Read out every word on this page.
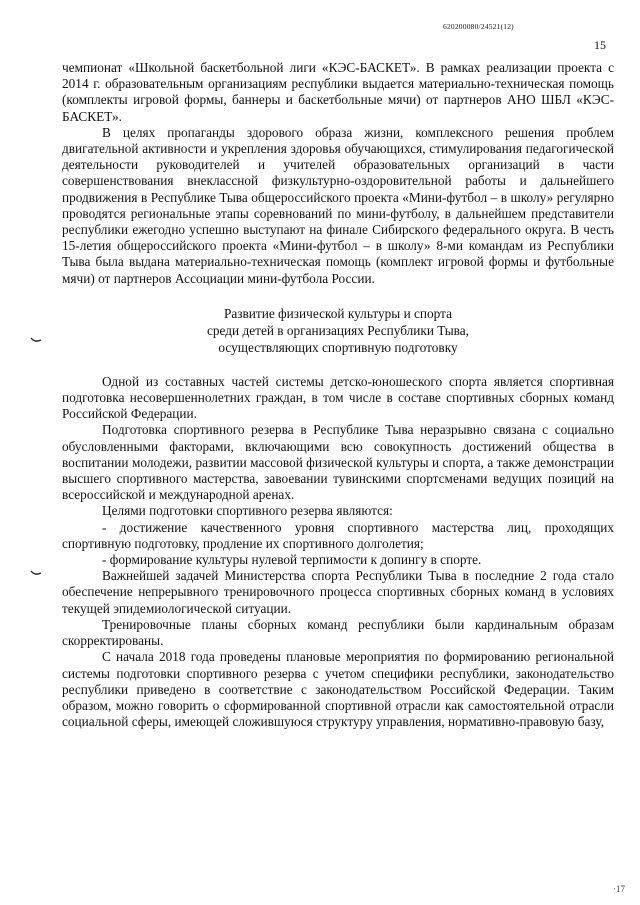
620200080/24521(12)
15

чемпионат «Школьной баскетбольной лиги «КЭС-БАСКЕТ». В рамках реализации проекта с 2014 г. образовательным организациям республики выдается материально-техническая помощь (комплекты игровой формы, баннеры и баскетбольные мячи) от партнеров АНО ШБЛ «КЭС-БАСКЕТ».

В целях пропаганды здорового образа жизни, комплексного решения проблем двигательной активности и укрепления здоровья обучающихся, стимулирования педагогической деятельности руководителей и учителей образовательных организаций в части совершенствования внеклассной физкультурно-оздоровительной работы и дальнейшего продвижения в Республике Тыва общероссийского проекта «Мини-футбол – в школу» регулярно проводятся региональные этапы соревнований по мини-футболу, в дальнейшем представители республики ежегодно успешно выступают на финале Сибирского федерального округа. В честь 15-летия общероссийского проекта «Мини-футбол – в школу» 8-ми командам из Республики Тыва была выдана материально-техническая помощь (комплект игровой формы и футбольные мячи) от партнеров Ассоциации мини-футбола России.

Развитие физической культуры и спорта
среди детей в организациях Республики Тыва,
осуществляющих спортивную подготовку

Одной из составных частей системы детско-юношеского спорта является спортивная подготовка несовершеннолетних граждан, в том числе в составе спортивных сборных команд Российской Федерации.

Подготовка спортивного резерва в Республике Тыва неразрывно связана с социально обусловленными факторами, включающими всю совокупность достижений общества в воспитании молодежи, развитии массовой физической культуры и спорта, а также демонстрации высшего спортивного мастерства, завоевании тувинскими спортсменами ведущих позиций на всероссийской и международной аренах.

Целями подготовки спортивного резерва являются:

- достижение качественного уровня спортивного мастерства лиц, проходящих спортивную подготовку, продление их спортивного долголетия;

- формирование культуры нулевой терпимости к допингу в спорте.

Важнейшей задачей Министерства спорта Республики Тыва в последние 2 года стало обеспечение непрерывного тренировочного процесса спортивных сборных команд в условиях текущей эпидемиологической ситуации.

Тренировочные планы сборных команд республики были кардинальным образам скорректированы.

С начала 2018 года проведены плановые мероприятия по формированию региональной системы подготовки спортивного резерва с учетом специфики республики, законодательство республики приведено в соответствие с законодательством Российской Федерации. Таким образом, можно говорить о сформированной спортивной отрасли как самостоятельной отрасли социальной сферы, имеющей сложившуюся структуру управления, нормативно-правовую базу,

·17
